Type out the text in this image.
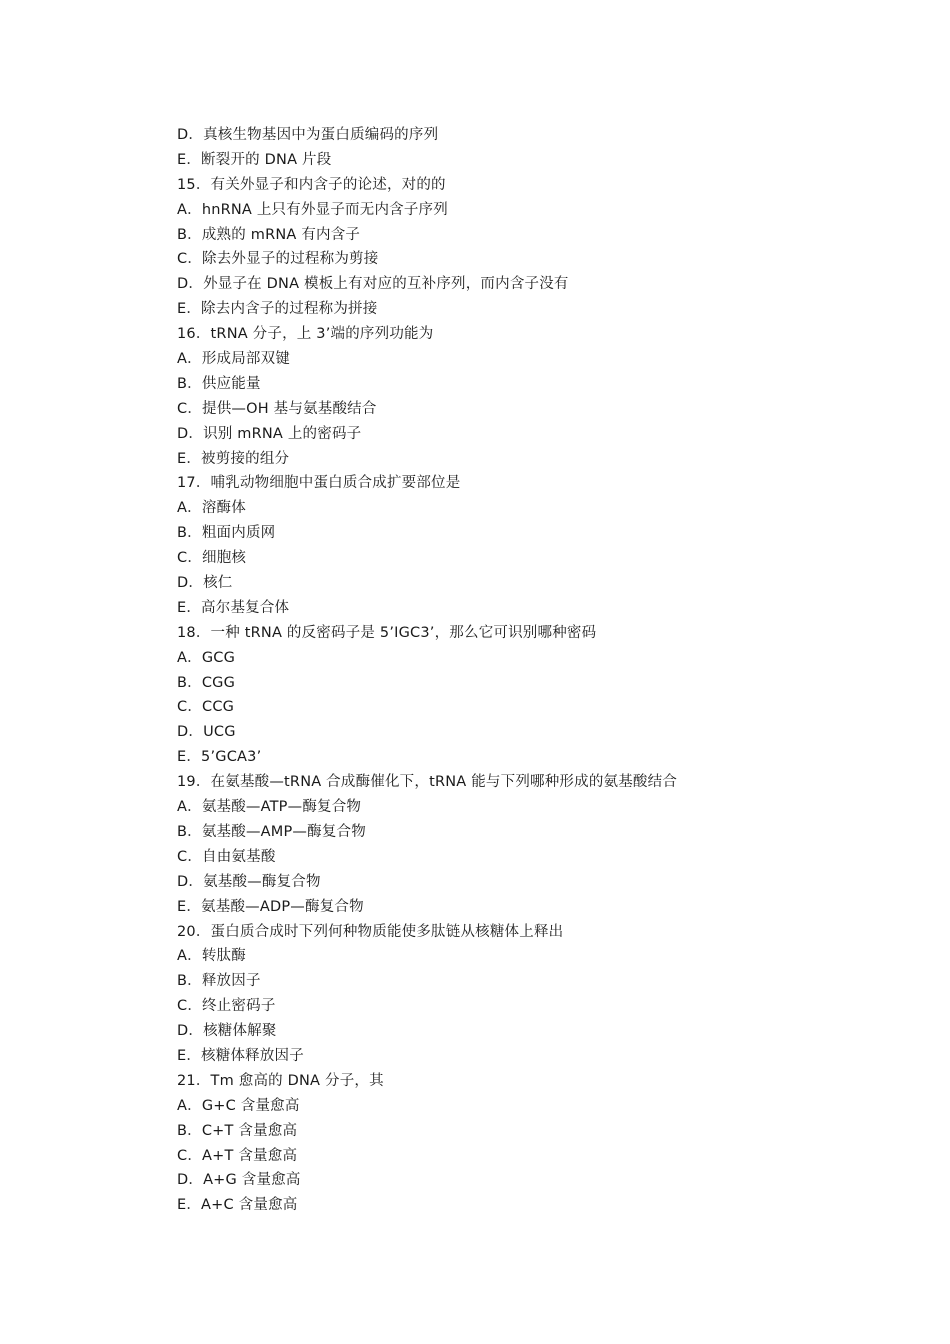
D．真核生物基因中为蛋白质编码的序列
E．断裂开的 DNA 片段
15．有关外显子和内含子的论述，对的的
A．hnRNA 上只有外显子而无内含子序列
B．成熟的 mRNA 有内含子
C．除去外显子的过程称为剪接
D．外显子在 DNA 模板上有对应的互补序列，而内含子没有
E．除去内含子的过程称为拼接
16．tRNA 分子，上 3’端的序列功能为
A．形成局部双键
B．供应能量
C．提供—OH 基与氨基酸结合
D．识别 mRNA 上的密码子
E．被剪接的组分
17．哺乳动物细胞中蛋白质合成扩要部位是
A．溶酶体
B．粗面内质网
C．细胞核
D．核仁
E．高尔基复合体
18．一种 tRNA 的反密码子是 5’IGC3’，那么它可识别哪种密码
A．GCG
B．CGG
C．CCG
D．UCG
E．5’GCA3’
19．在氨基酸—tRNA 合成酶催化下，tRNA 能与下列哪种形成的氨基酸结合
A．氨基酸—ATP—酶复合物
B．氨基酸—AMP—酶复合物
C．自由氨基酸
D．氨基酸—酶复合物
E．氨基酸—ADP—酶复合物
20．蛋白质合成时下列何种物质能使多肽链从核糖体上释出
A．转肽酶
B．释放因子
C．终止密码子
D．核糖体解聚
E．核糖体释放因子
21．Tm 愈高的 DNA 分子，其
A．G+C 含量愈高
B．C+T 含量愈高
C．A+T 含量愈高
D．A+G 含量愈高
E．A+C 含量愈高
